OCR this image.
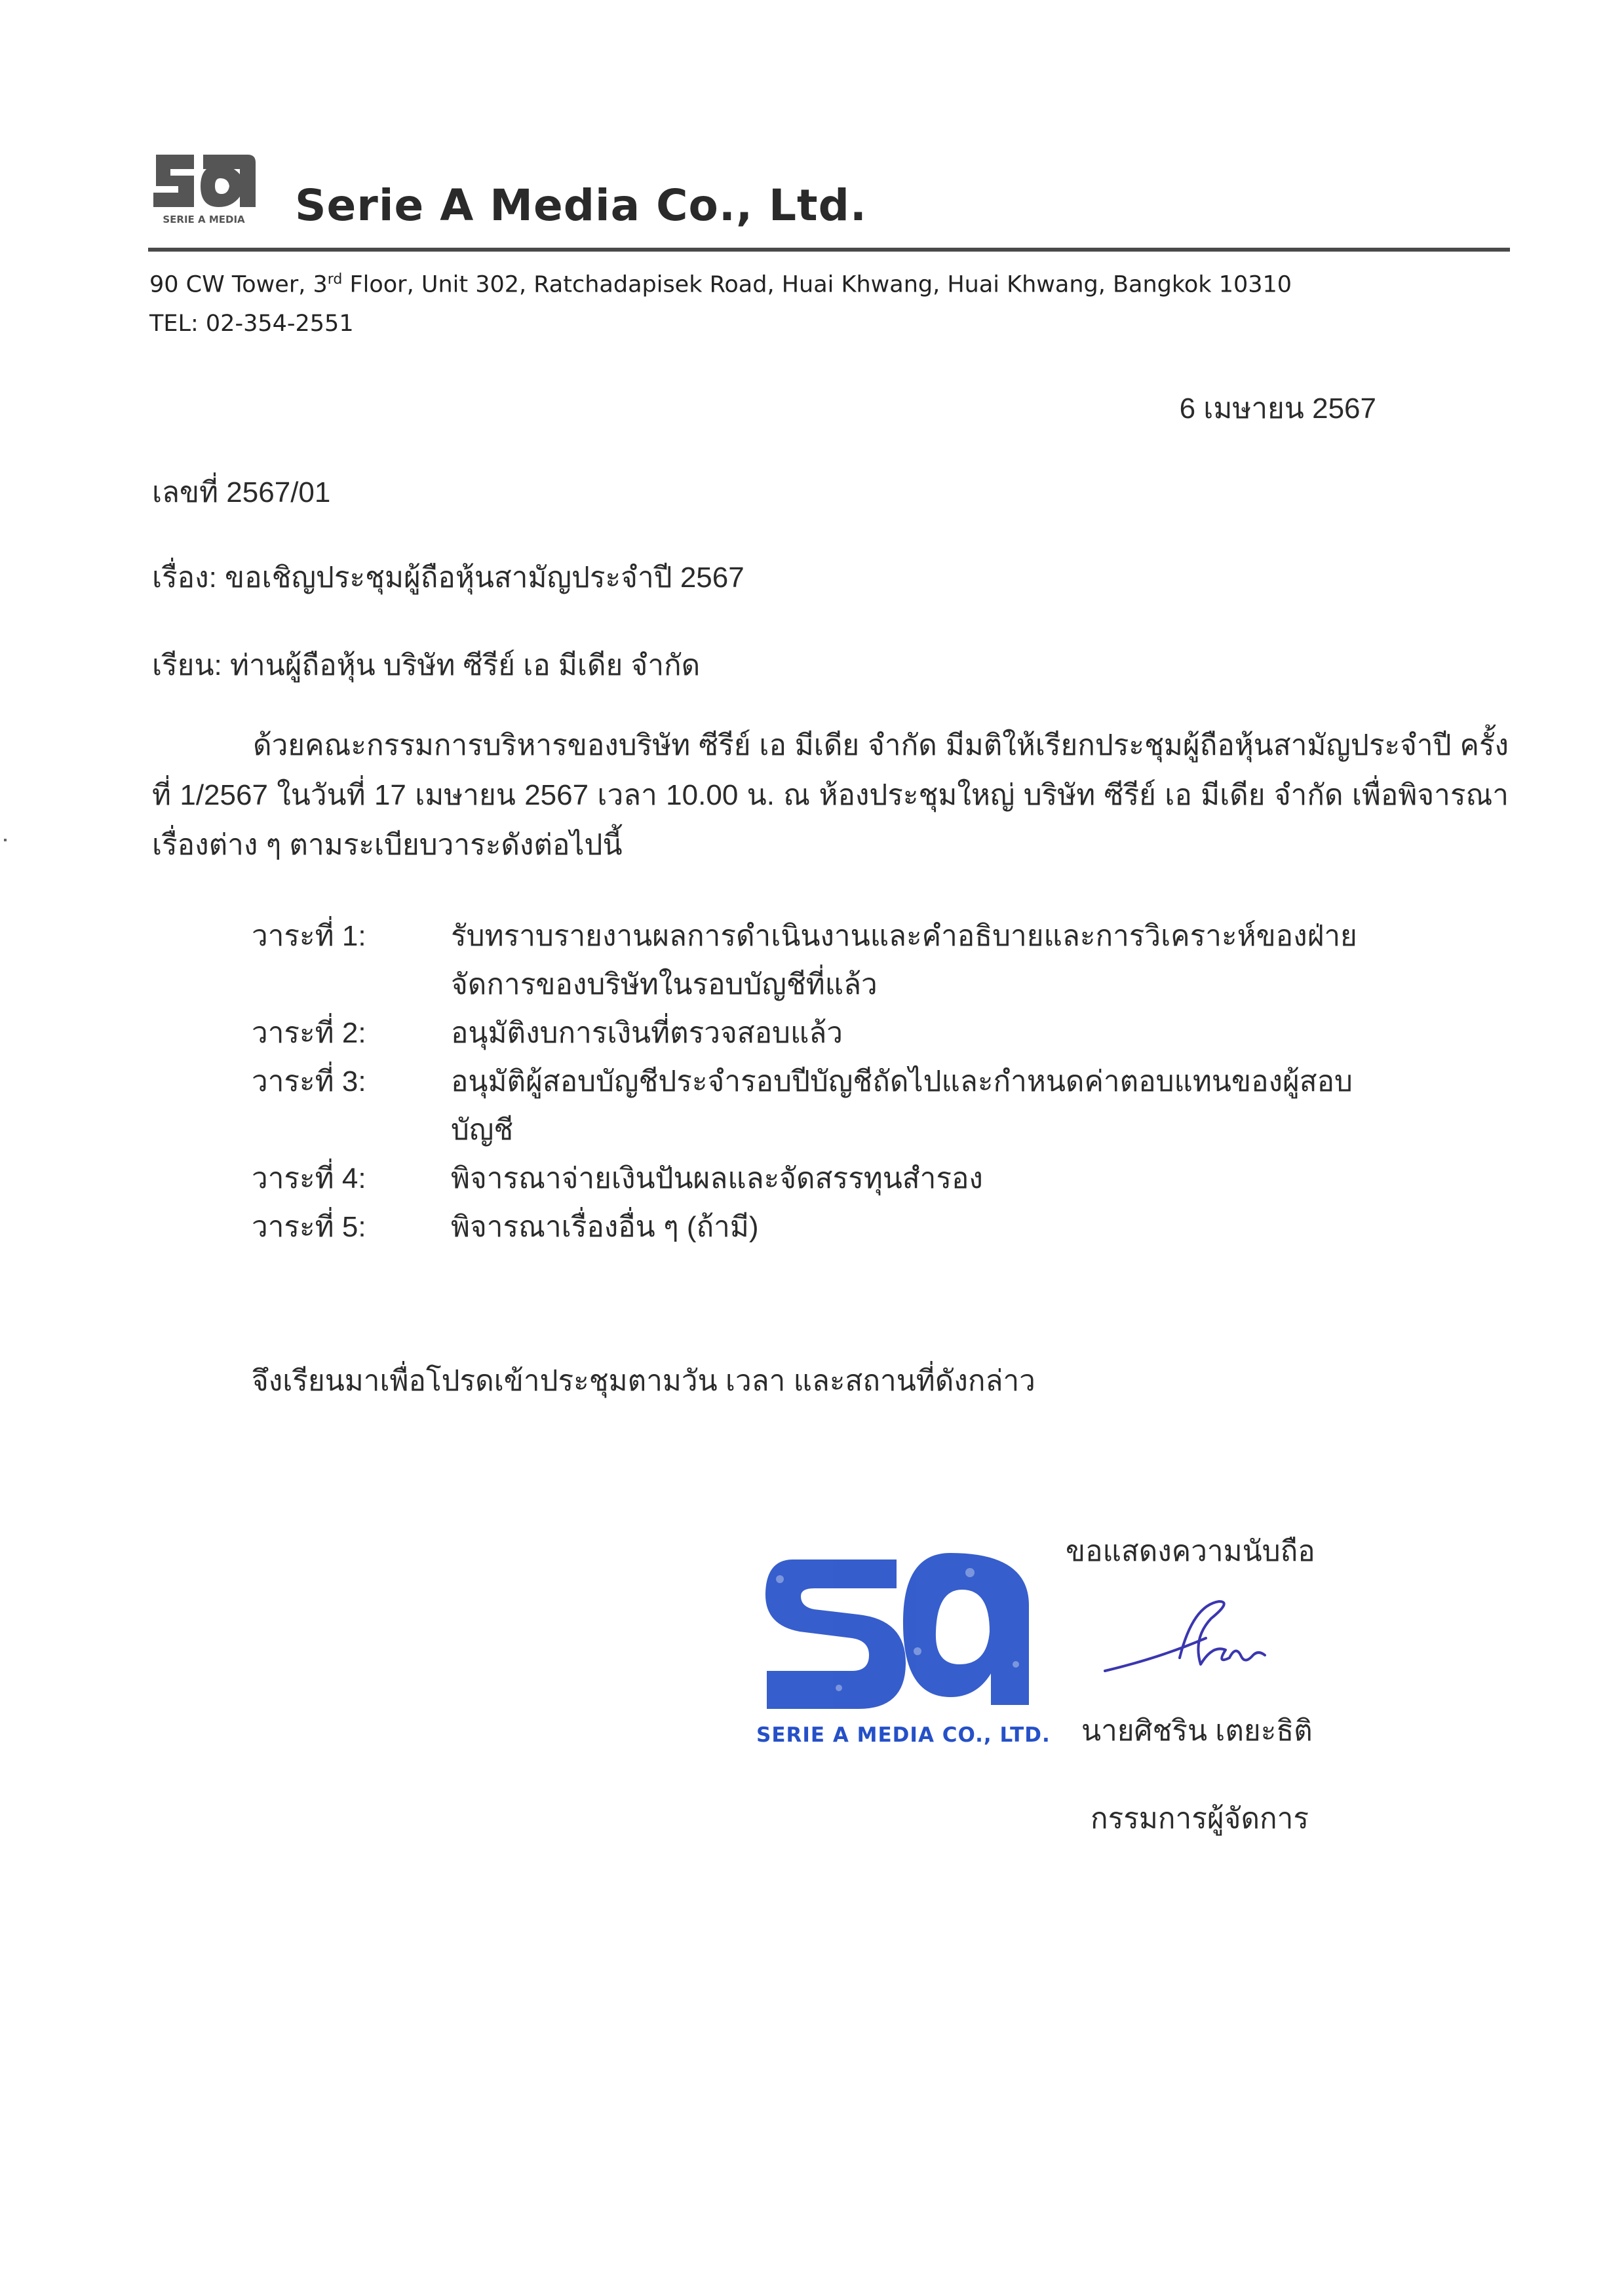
SERIE A MEDIA Serie A Media Co., Ltd.
90 CW Tower, 3rd Floor, Unit 302, Ratchadapisek Road, Huai Khwang, Huai Khwang, Bangkok 10310
TEL: 02-354-2551
6 เมษายน 2567
เลขที่ 2567/01
เรื่อง: ขอเชิญประชุมผู้ถือหุ้นสามัญประจำปี 2567
เรียน: ท่านผู้ถือหุ้น บริษัท ซีรีย์ เอ มีเดีย จำกัด
ด้วยคณะกรรมการบริหารของบริษัท ซีรีย์ เอ มีเดีย จำกัด มีมติให้เรียกประชุมผู้ถือหุ้นสามัญประจำปี ครั้งที่ 1/2567 ในวันที่ 17 เมษายน 2567 เวลา 10.00 น. ณ ห้องประชุมใหญ่ บริษัท ซีรีย์ เอ มีเดีย จำกัด เพื่อพิจารณาเรื่องต่าง ๆ ตามระเบียบวาระดังต่อไปนี้
วาระที่ 1:	รับทราบรายงานผลการดำเนินงานและคำอธิบายและการวิเคราะห์ของฝ่ายจัดการของบริษัทในรอบบัญชีที่แล้ว
วาระที่ 2:	อนุมัติงบการเงินที่ตรวจสอบแล้ว
วาระที่ 3:	อนุมัติผู้สอบบัญชีประจำรอบปีบัญชีถัดไปและกำหนดค่าตอบแทนของผู้สอบบัญชี
วาระที่ 4:	พิจารณาจ่ายเงินปันผลและจัดสรรทุนสำรอง
วาระที่ 5:	พิจารณาเรื่องอื่น ๆ (ถ้ามี)
จึงเรียนมาเพื่อโปรดเข้าประชุมตามวัน เวลา และสถานที่ดังกล่าว
SERIE A MEDIA CO., LTD.
ขอแสดงความนับถือ
นายศิชริน เตยะธิติ
กรรมการผู้จัดการ
